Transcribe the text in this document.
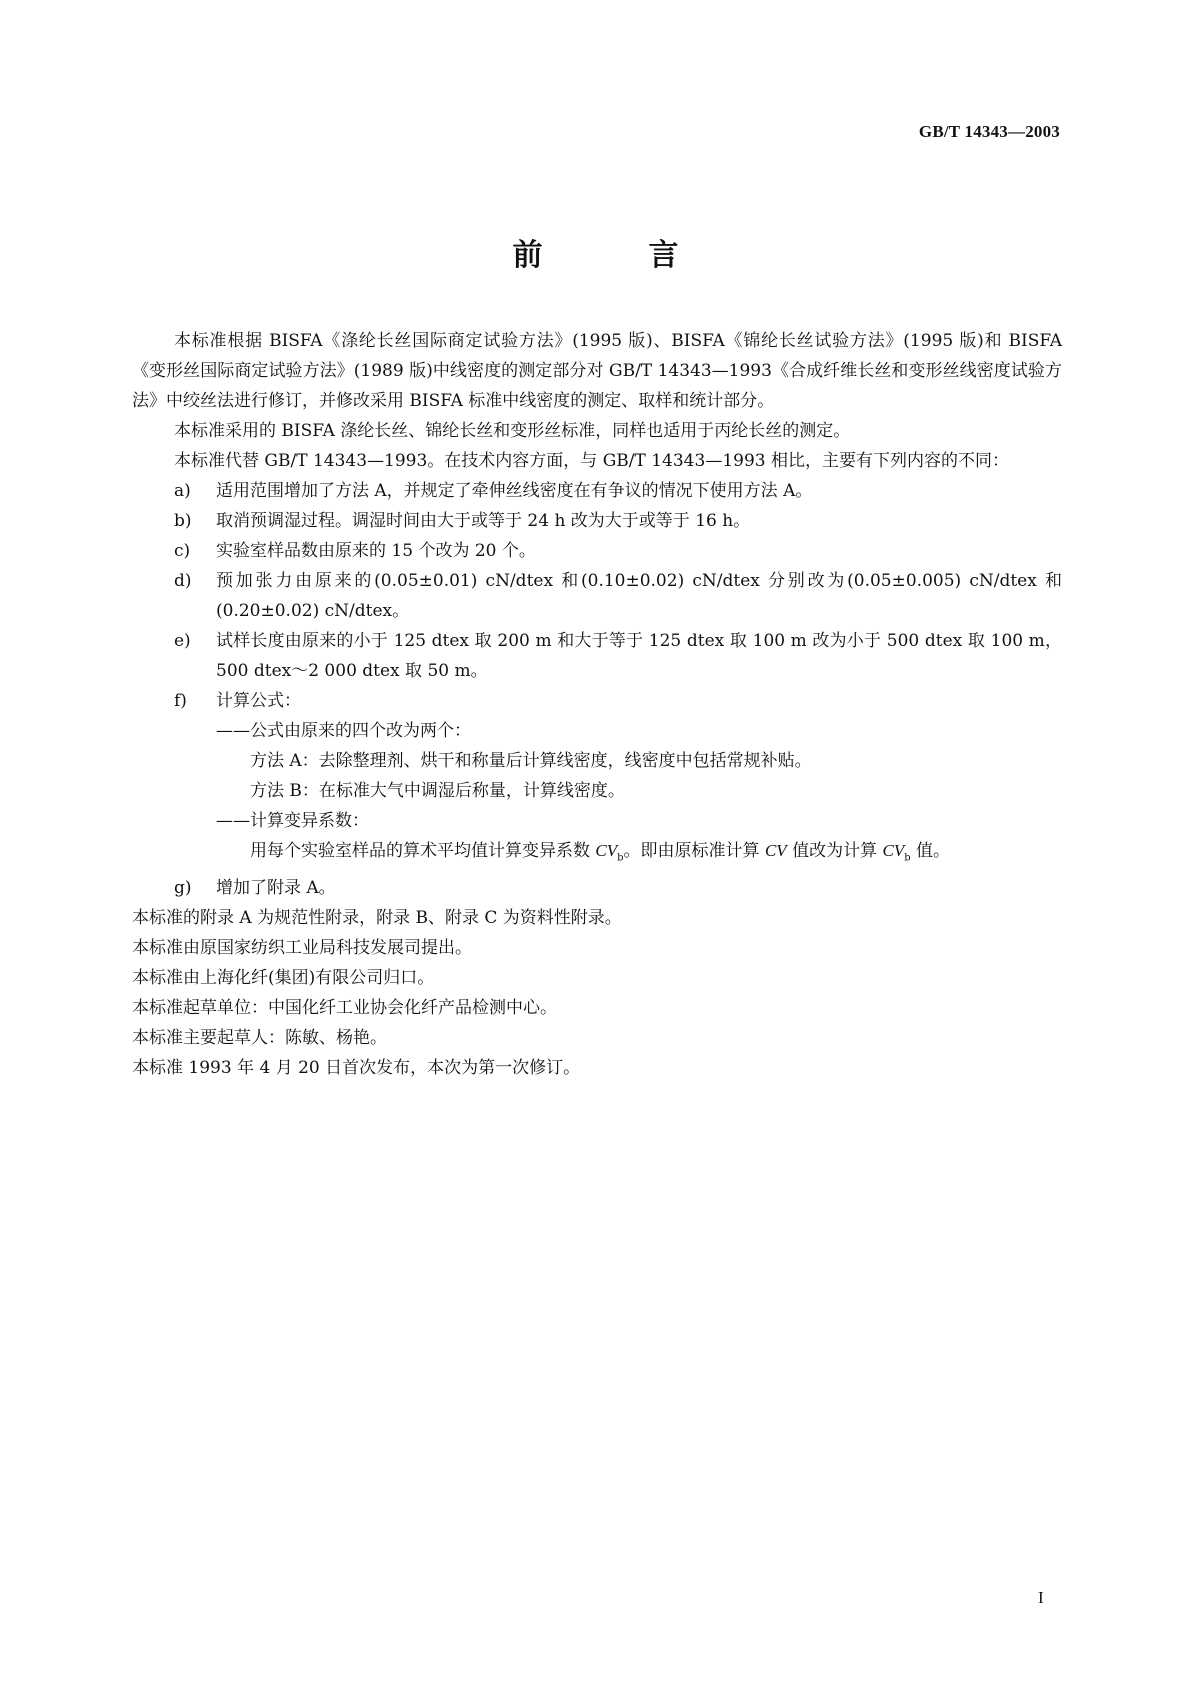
GB/T 14343—2003
前　言

本标准根据 BISFA《涤纶长丝国际商定试验方法》(1995 版)、BISFA《锦纶长丝试验方法》(1995 版)和 BISFA《变形丝国际商定试验方法》(1989 版)中线密度的测定部分对 GB/T 14343—1993《合成纤维长丝和变形丝线密度试验方法》中绞丝法进行修订，并修改采用 BISFA 标准中线密度的测定、取样和统计部分。

本标准采用的 BISFA 涤纶长丝、锦纶长丝和变形丝标准，同样也适用于丙纶长丝的测定。

本标准代替 GB/T 14343—1993。在技术内容方面，与 GB/T 14343—1993 相比，主要有下列内容的不同：

a) 适用范围增加了方法 A，并规定了牵伸丝线密度在有争议的情况下使用方法 A。
b) 取消预调湿过程。调湿时间由大于或等于 24 h 改为大于或等于 16 h。
c) 实验室样品数由原来的 15 个改为 20 个。
d) 预加张力由原来的(0.05±0.01) cN/dtex 和(0.10±0.02) cN/dtex 分别改为(0.05±0.005) cN/dtex 和(0.20±0.02) cN/dtex。
e) 试样长度由原来的小于 125 dtex 取 200 m 和大于等于 125 dtex 取 100 m 改为小于 500 dtex 取 100 m，500 dtex～2 000 dtex 取 50 m。
f) 计算公式：

——公式由原来的四个改为两个：

方法 A：去除整理剂、烘干和称量后计算线密度，线密度中包括常规补贴。

方法 B：在标准大气中调湿后称量，计算线密度。

——计算变异系数：

用每个实验室样品的算术平均值计算变异系数 $CV_b$。即由原标准计算 CV 值改为计算 $CV_b$ 值。

g) 增加了附录 A。

本标准的附录 A 为规范性附录，附录 B、附录 C 为资料性附录。

本标准由原国家纺织工业局科技发展司提出。

本标准由上海化纤(集团)有限公司归口。

本标准起草单位：中国化纤工业协会化纤产品检测中心。

本标准主要起草人：陈敏、杨艳。

本标准 1993 年 4 月 20 日首次发布，本次为第一次修订。

I
